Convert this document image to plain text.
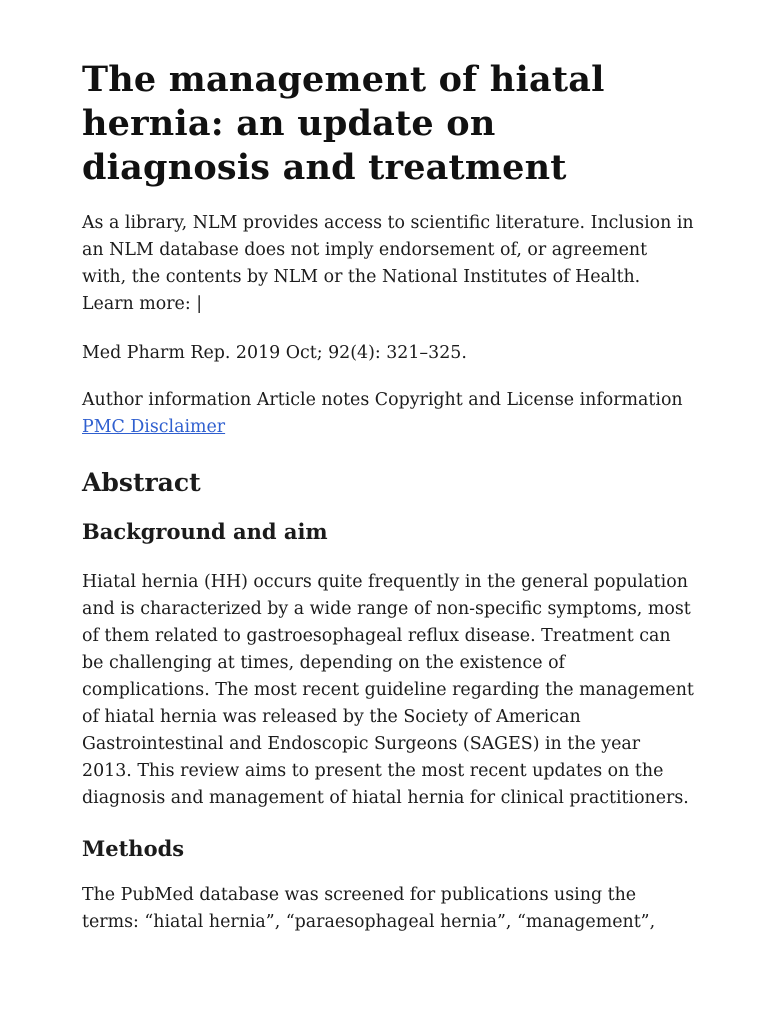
The management of hiatal hernia: an update on diagnosis and treatment

As a library, NLM provides access to scientific literature. Inclusion in an NLM database does not imply endorsement of, or agreement with, the contents by NLM or the National Institutes of Health. Learn more: |

Med Pharm Rep. 2019 Oct; 92(4): 321–325.

Author information Article notes Copyright and License information
PMC Disclaimer

Abstract
Background and aim

Hiatal hernia (HH) occurs quite frequently in the general population and is characterized by a wide range of non-specific symptoms, most of them related to gastroesophageal reflux disease. Treatment can be challenging at times, depending on the existence of complications. The most recent guideline regarding the management of hiatal hernia was released by the Society of American Gastrointestinal and Endoscopic Surgeons (SAGES) in the year 2013. This review aims to present the most recent updates on the diagnosis and management of hiatal hernia for clinical practitioners.

Methods

The PubMed database was screened for publications using the terms: “hiatal hernia”, “paraesophageal hernia”, “management”,
